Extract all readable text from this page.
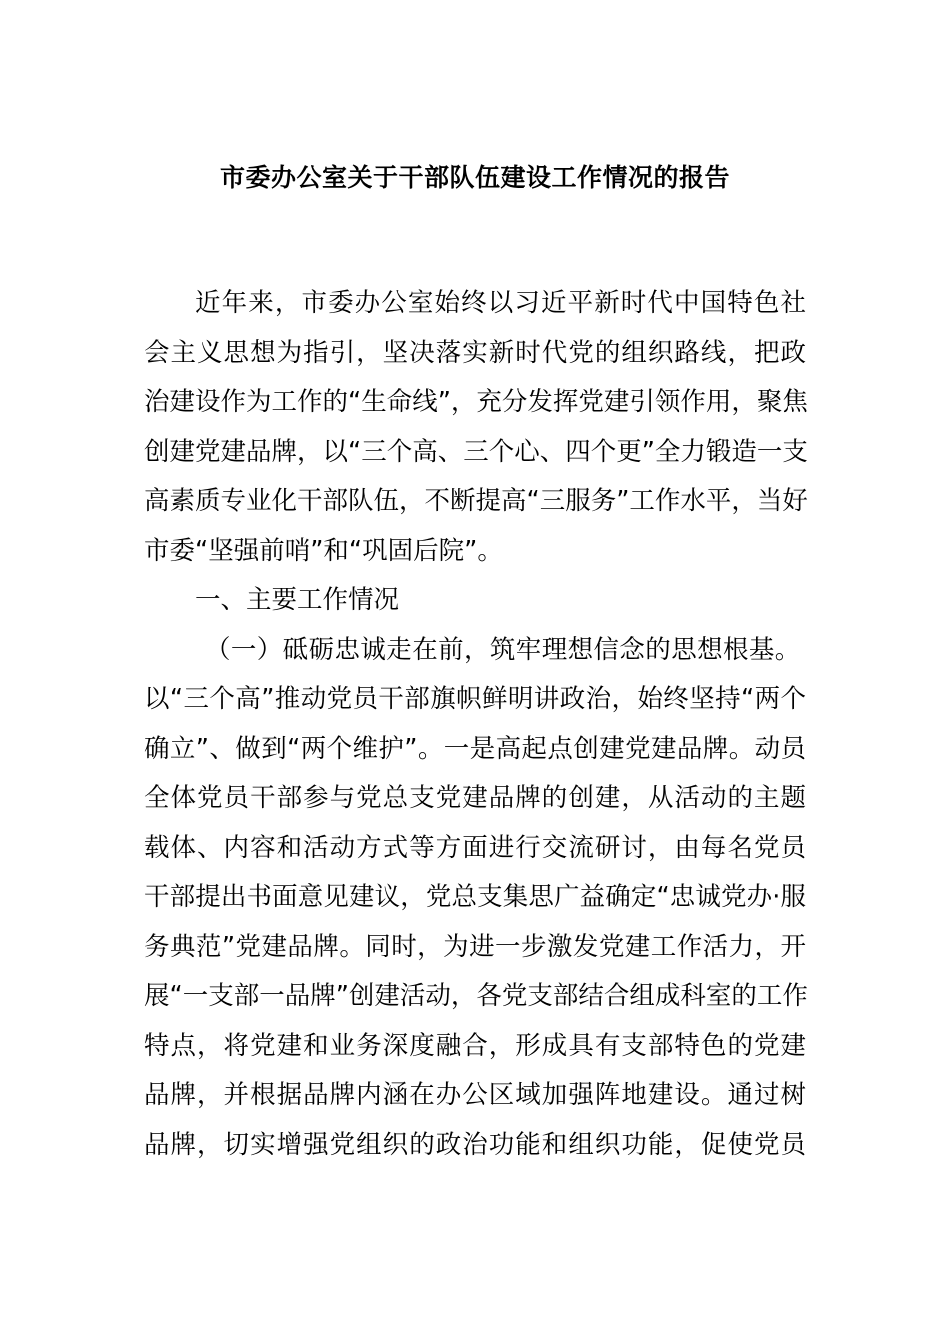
市委办公室关于干部队伍建设工作情况的报告
近年来，市委办公室始终以习近平新时代中国特色社
会主义思想为指引，坚决落实新时代党的组织路线，把政
治建设作为工作的“生命线”，充分发挥党建引领作用，聚焦
创建党建品牌，以“三个高、三个心、四个更”全力锻造一支
高素质专业化干部队伍，不断提高“三服务”工作水平，当好
市委“坚强前哨”和“巩固后院”。
一、主要工作情况
（一）砥砺忠诚走在前，筑牢理想信念的思想根基。
以“三个高”推动党员干部旗帜鲜明讲政治，始终坚持“两个
确立”、做到“两个维护”。一是高起点创建党建品牌。动员
全体党员干部参与党总支党建品牌的创建，从活动的主题
载体、内容和活动方式等方面进行交流研讨，由每名党员
干部提出书面意见建议，党总支集思广益确定“忠诚党办·服
务典范”党建品牌。同时，为进一步激发党建工作活力，开
展“一支部一品牌”创建活动，各党支部结合组成科室的工作
特点，将党建和业务深度融合，形成具有支部特色的党建
品牌，并根据品牌内涵在办公区域加强阵地建设。通过树
品牌，切实增强党组织的政治功能和组织功能，促使党员
